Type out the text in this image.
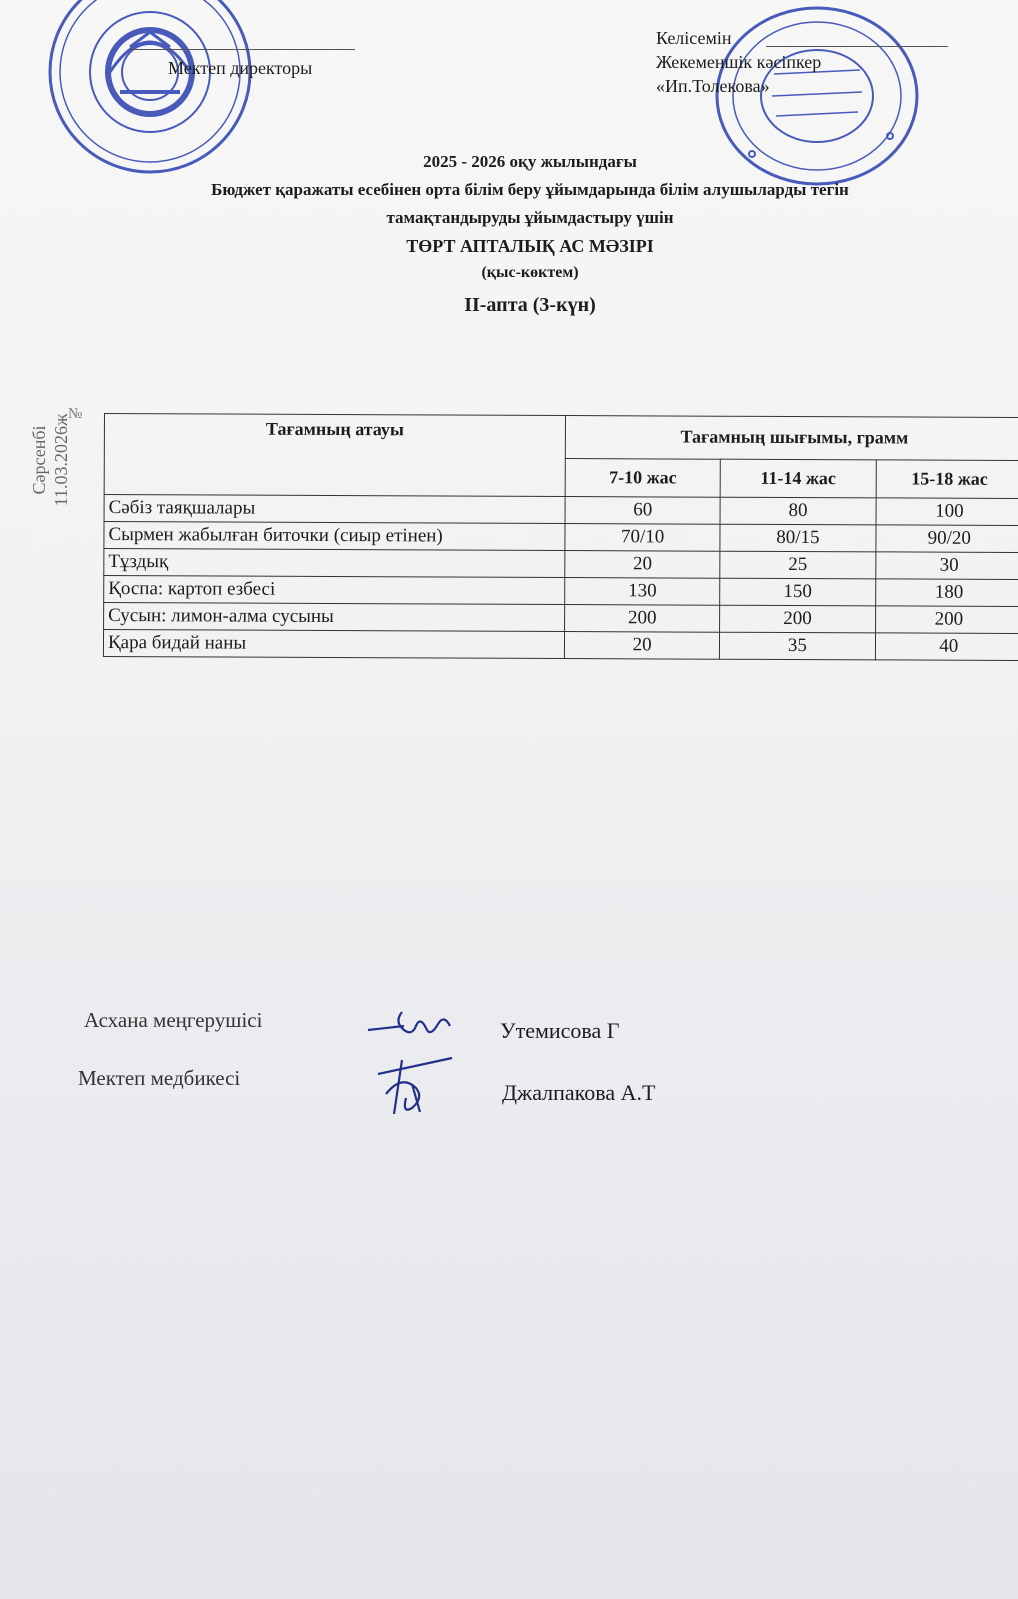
Мектеп директоры
Келісемін
Жекеменшік кәсіпкер
«Ип.Толекова»
2025 - 2026 оқу жылындағы
Бюджет қаражаты есебінен орта білім беру ұйымдарында білім алушыларды тегін
тамақтандыруды ұйымдастыру үшін
ТӨРТ АПТАЛЫҚ АС МӘЗІРІ
(қыс-көктем)
II-апта (3-күн)
№
Сәрсенбі 11.03.2026ж	Тағамның атауы	Тағамның шығымы, грамм		
	7-10 жас	11-14 жас	15-18 жас
Сәбіз таяқшалары	60	80	100
Сырмен жабылған биточки (сиыр етінен)	70/10	80/15	90/20
Тұздық	20	25	30
Қоспа: картоп езбесі	130	150	180
Сусын: лимон-алма сусыны	200	200	200
Қара бидай наны	20	35	40
Асхана меңгерушісі	Утемисова Г
Мектеп медбикесі
Джалпакова А.Т
